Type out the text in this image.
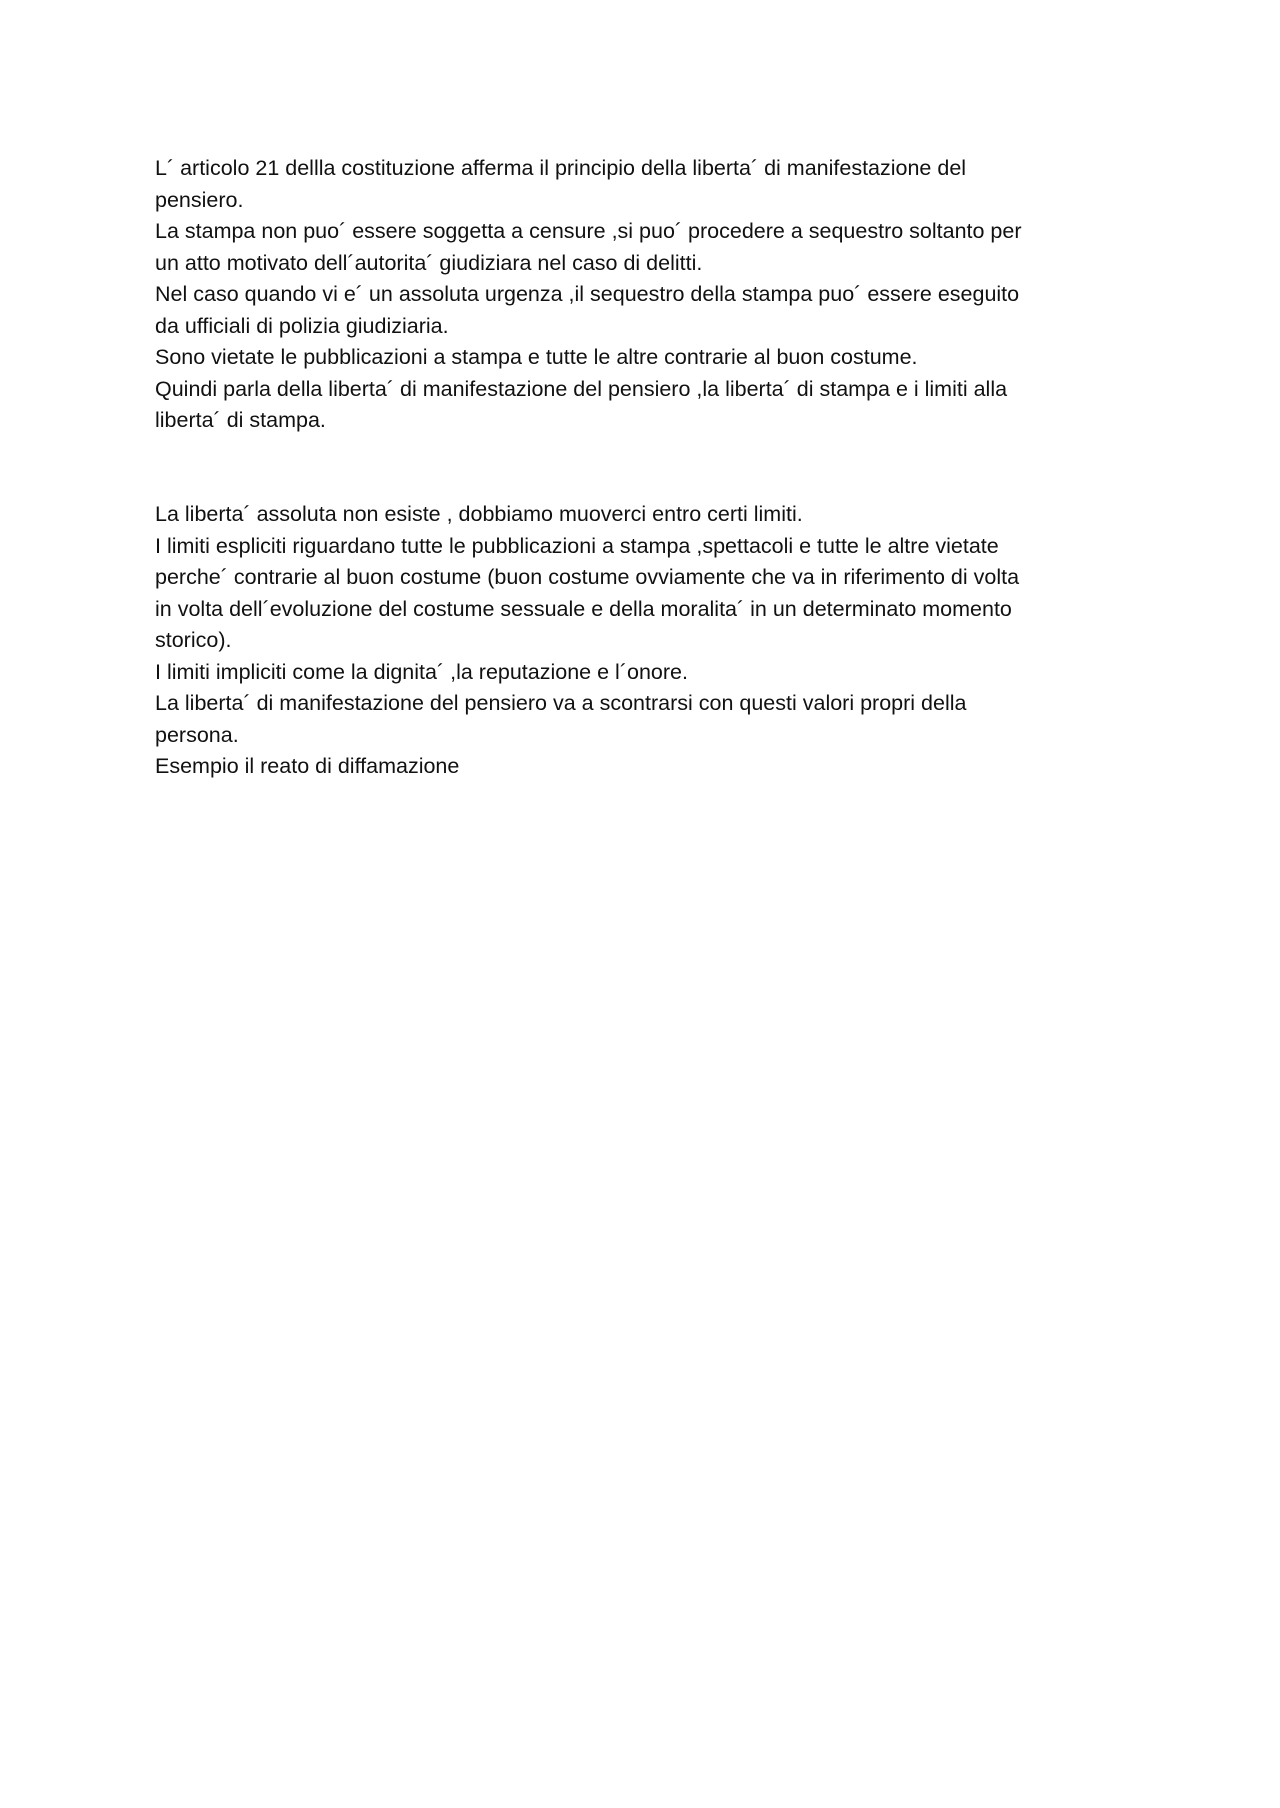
L´ articolo 21 dellla costituzione afferma il principio della liberta´ di manifestazione del
pensiero.
La stampa non puo´ essere soggetta a censure ,si puo´ procedere a sequestro soltanto per
un atto motivato dell´autorita´ giudiziara nel caso di delitti.
Nel caso quando vi e´ un assoluta urgenza ,il sequestro della stampa puo´ essere eseguito
da ufficiali di polizia giudiziaria.
Sono vietate le pubblicazioni a stampa e tutte le altre contrarie al buon costume.
Quindi parla della liberta´ di manifestazione del pensiero ,la liberta´ di stampa e i limiti alla
liberta´ di stampa.
La liberta´ assoluta non esiste , dobbiamo muoverci entro certi limiti.
I limiti espliciti riguardano tutte le pubblicazioni a stampa ,spettacoli e tutte le altre vietate
perche´ contrarie al buon costume (buon costume ovviamente che va in riferimento di volta
in volta dell´evoluzione del costume sessuale e della moralita´ in un determinato momento
storico).
I limiti impliciti come la dignita´ ,la reputazione e l´onore.
La liberta´ di manifestazione del pensiero va a scontrarsi con questi valori propri della
persona.
Esempio il reato di diffamazione
